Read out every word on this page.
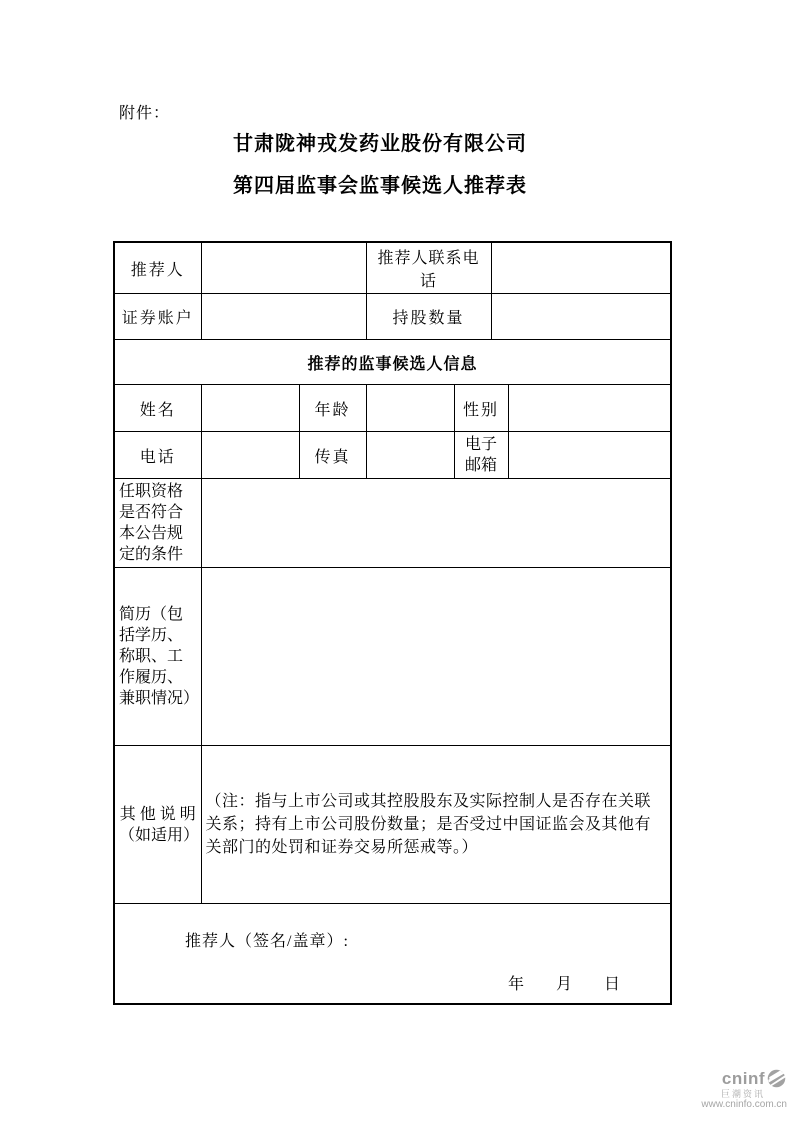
附件：
甘肃陇神戎发药业股份有限公司
第四届监事会监事候选人推荐表
推荐人			推荐人联系电话			
证券账户			持股数量			
推荐的监事候选人信息						
姓名		年龄		性别		
电话		传真		电子邮箱		
任职资格是否符合本公告规定的条件						
简历（包括学历、称职、工作履历、兼职情况）						

其 他 说 明
（如适用）	（注：指与上市公司或其控股股东及实际控制人是否存在关联关系；持有上市公司股份数量；是否受过中国证监会及其他有关部门的处罚和证券交易所惩戒等。）					

推荐人（签名/盖章）:
年　　月　　日						
cninf
巨潮资讯
www.cninfo.com.cn
